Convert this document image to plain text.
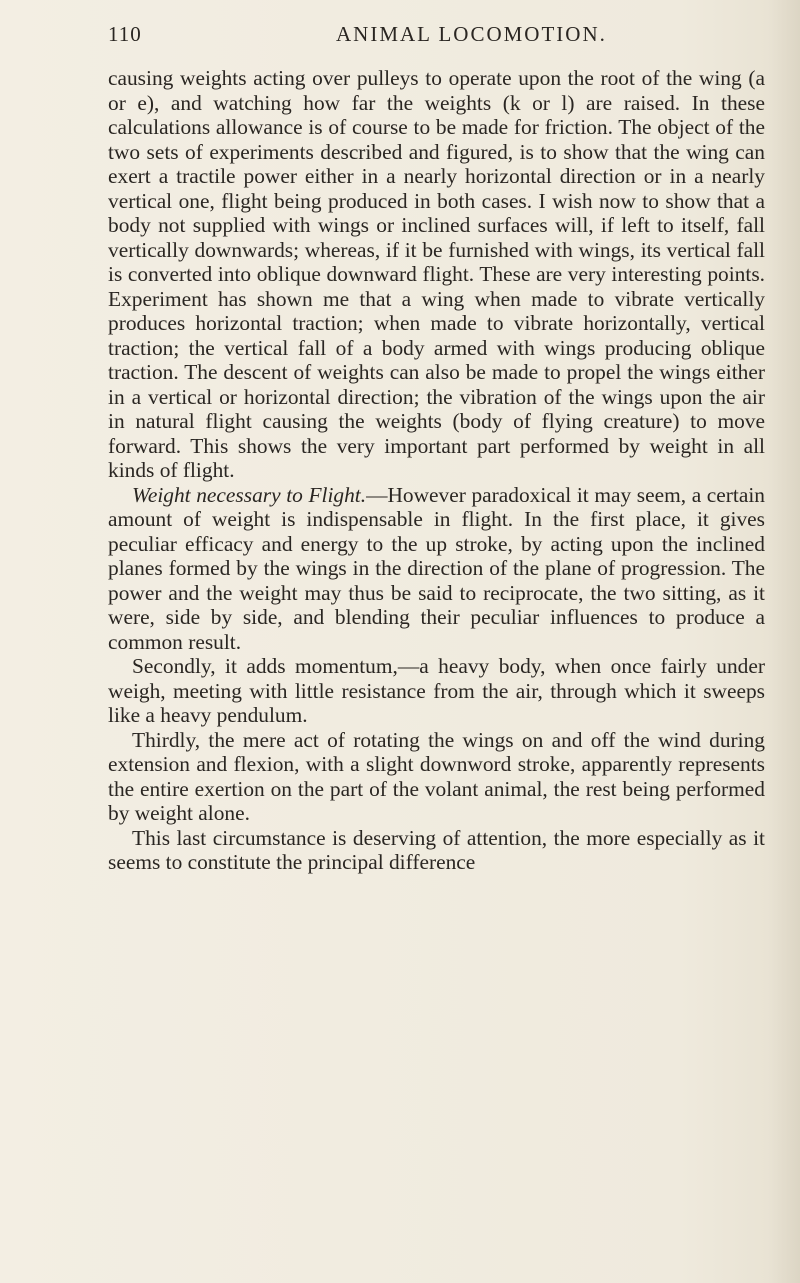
110	ANIMAL LOCOMOTION.

causing weights acting over pulleys to operate upon the root of the wing (a or e), and watching how far the weights (k or l) are raised. In these calculations allowance is of course to be made for friction. The object of the two sets of experiments described and figured, is to show that the wing can exert a tractile power either in a nearly horizontal direction or in a nearly vertical one, flight being produced in both cases. I wish now to show that a body not supplied with wings or inclined surfaces will, if left to itself, fall vertically downwards; whereas, if it be furnished with wings, its vertical fall is converted into oblique downward flight. These are very interesting points. Experiment has shown me that a wing when made to vibrate vertically produces horizontal traction; when made to vibrate horizontally, vertical traction; the vertical fall of a body armed with wings producing oblique traction. The descent of weights can also be made to propel the wings either in a vertical or horizontal direction; the vibration of the wings upon the air in natural flight causing the weights (body of flying creature) to move forward. This shows the very important part performed by weight in all kinds of flight.

Weight necessary to Flight.—However paradoxical it may seem, a certain amount of weight is indispensable in flight. In the first place, it gives peculiar efficacy and energy to the up stroke, by acting upon the inclined planes formed by the wings in the direction of the plane of progression. The power and the weight may thus be said to reciprocate, the two sitting, as it were, side by side, and blending their peculiar influences to produce a common result.

Secondly, it adds momentum,—a heavy body, when once fairly under weigh, meeting with little resistance from the air, through which it sweeps like a heavy pendulum.

Thirdly, the mere act of rotating the wings on and off the wind during extension and flexion, with a slight downword stroke, apparently represents the entire exertion on the part of the volant animal, the rest being performed by weight alone.

This last circumstance is deserving of attention, the more especially as it seems to constitute the principal difference
